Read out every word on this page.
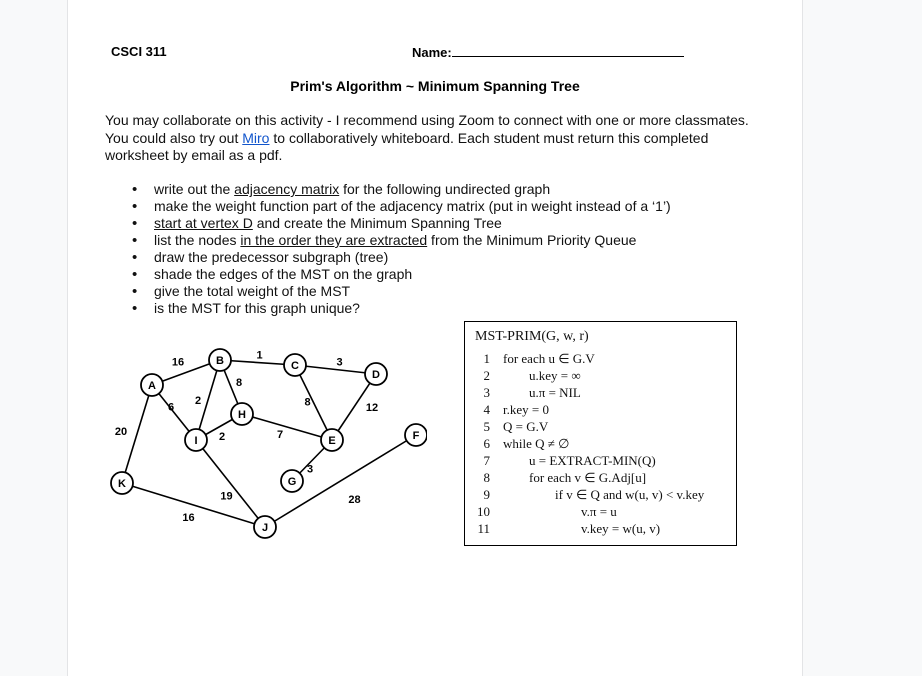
CSCI 311	Name:
Prim's Algorithm ~ Minimum Spanning Tree
You may collaborate on this activity - I recommend using Zoom to connect with one or more classmates. You could also try out Miro to collaboratively whiteboard. Each student must return this completed worksheet by email as a pdf.
• write out the adjacency matrix for the following undirected graph
• make the weight function part of the adjacency matrix (put in weight instead of a ‘1’)
• start at vertex D and create the Minimum Spanning Tree
• list the nodes in the order they are extracted from the Minimum Priority Queue
• draw the predecessor subgraph (tree)
• shade the edges of the MST on the graph
• give the total weight of the MST
• is the MST for this graph unique?
16
1
3
2
8
8	12
6
20	2	7
3
19
16
28
A
B	C
D
E	F
G
H
I
J
K
MST-PRIM(G, w, r)
1 for each u ∈ G.V
2	u.key = ∞
3	u.π = NIL
4 r.key = 0
5 Q = G.V
6 while Q ≠ ∅
7	u = EXTRACT-MIN(Q)
8	for each v ∈ G.Adj[u]
9	if v ∈ Q and w(u, v) < v.key
10	v.π = u
11	v.key = w(u, v)
